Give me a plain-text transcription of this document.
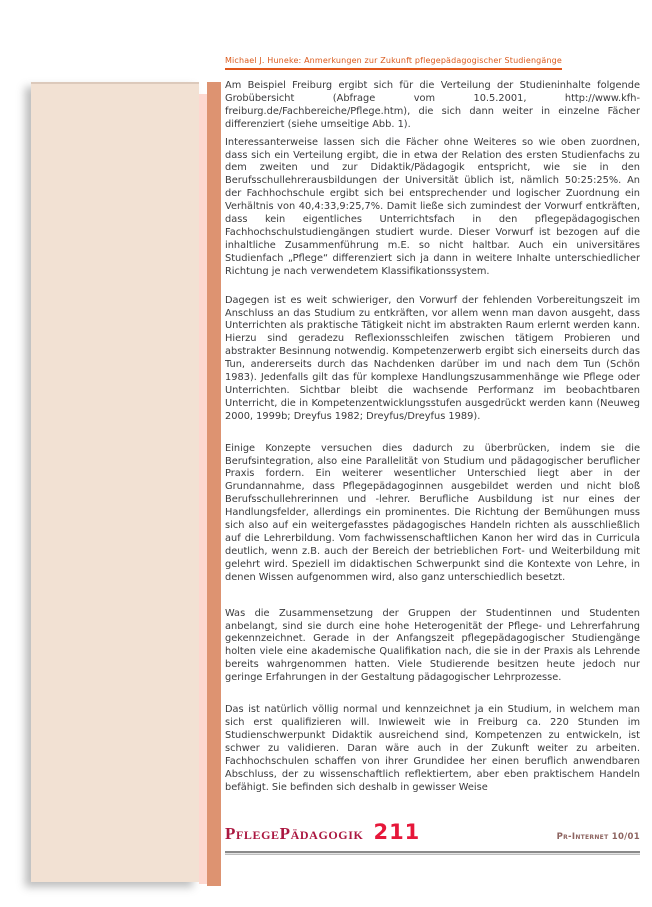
Michael J. Huneke: Anmerkungen zur Zukunft pflegepädagogischer Studiengänge

Am Beispiel Freiburg ergibt sich für die Verteilung der Studieninhalte folgende Grobübersicht (Abfrage vom 10.5.2001, http://www.kfh-freiburg.de/Fachbereiche/Pflege.htm), die sich dann weiter in einzelne Fächer differenziert (siehe umseitige Abb. 1).

Interessanterweise lassen sich die Fächer ohne Weiteres so wie oben zuordnen, dass sich ein Verteilung ergibt, die in etwa der Relation des ersten Studienfachs zu dem zweiten und zur Didaktik/Pädagogik entspricht, wie sie in den Berufsschullehrerausbildungen der Universität üblich ist, nämlich 50:25:25%. An der Fachhochschule ergibt sich bei entsprechender und logischer Zuordnung ein Verhältnis von 40,4:33,9:25,7%. Damit ließe sich zumindest der Vorwurf entkräften, dass kein eigentliches Unterrichtsfach in den pflegepädagogischen Fachhochschulstudiengängen studiert wurde. Dieser Vorwurf ist bezogen auf die inhaltliche Zusammenführung m.E. so nicht haltbar. Auch ein universitäres Studienfach „Pflege“ differenziert sich ja dann in weitere Inhalte unterschiedlicher Richtung je nach verwendetem Klassifikationssystem.

Dagegen ist es weit schwieriger, den Vorwurf der fehlenden Vorbereitungszeit im Anschluss an das Studium zu entkräften, vor allem wenn man davon ausgeht, dass Unterrichten als praktische Tätigkeit nicht im abstrakten Raum erlernt werden kann. Hierzu sind geradezu Reflexionsschleifen zwischen tätigem Probieren und abstrakter Besinnung notwendig. Kompetenzerwerb ergibt sich einerseits durch das Tun, andererseits durch das Nachdenken darüber im und nach dem Tun (Schön 1983). Jedenfalls gilt das für komplexe Handlungszusammenhänge wie Pflege oder Unterrichten. Sichtbar bleibt die wachsende Performanz im beobachtbaren Unterricht, die in Kompetenzentwicklungsstufen ausgedrückt werden kann (Neuweg 2000, 1999b; Dreyfus 1982; Dreyfus/Dreyfus 1989).

Einige Konzepte versuchen dies dadurch zu überbrücken, indem sie die Berufsintegration, also eine Parallelität von Studium und pädagogischer beruflicher Praxis fordern. Ein weiterer wesentlicher Unterschied liegt aber in der Grundannahme, dass Pflegepädagoginnen ausgebildet werden und nicht bloß Berufsschullehrerinnen und -lehrer. Berufliche Ausbildung ist nur eines der Handlungsfelder, allerdings ein prominentes. Die Richtung der Bemühungen muss sich also auf ein weitergefasstes pädagogisches Handeln richten als ausschließlich auf die Lehrerbildung. Vom fachwissenschaftlichen Kanon her wird das in Curricula deutlich, wenn z.B. auch der Bereich der betrieblichen Fort- und Weiterbildung mit gelehrt wird. Speziell im didaktischen Schwerpunkt sind die Kontexte von Lehre, in denen Wissen aufgenommen wird, also ganz unterschiedlich besetzt.

Was die Zusammensetzung der Gruppen der Studentinnen und Studenten anbelangt, sind sie durch eine hohe Heterogenität der Pflege- und Lehrerfahrung gekennzeichnet. Gerade in der Anfangszeit pflegepädagogischer Studiengänge holten viele eine akademische Qualifikation nach, die sie in der Praxis als Lehrende bereits wahrgenommen hatten. Viele Studierende besitzen heute jedoch nur geringe Erfahrungen in der Gestaltung pädagogischer Lehrprozesse.

Das ist natürlich völlig normal und kennzeichnet ja ein Studium, in welchem man sich erst qualifizieren will. Inwieweit wie in Freiburg ca. 220 Stunden im Studienschwerpunkt Didaktik ausreichend sind, Kompetenzen zu entwickeln, ist schwer zu validieren. Daran wäre auch in der Zukunft weiter zu arbeiten. Fachhochschulen schaffen von ihrer Grundidee her einen beruflich anwendbaren Abschluss, der zu wissenschaftlich reflektiertem, aber eben praktischem Handeln befähigt. Sie befinden sich deshalb in gewisser Weise

PflegePädagogik 211	Pr-Internet 10/01
